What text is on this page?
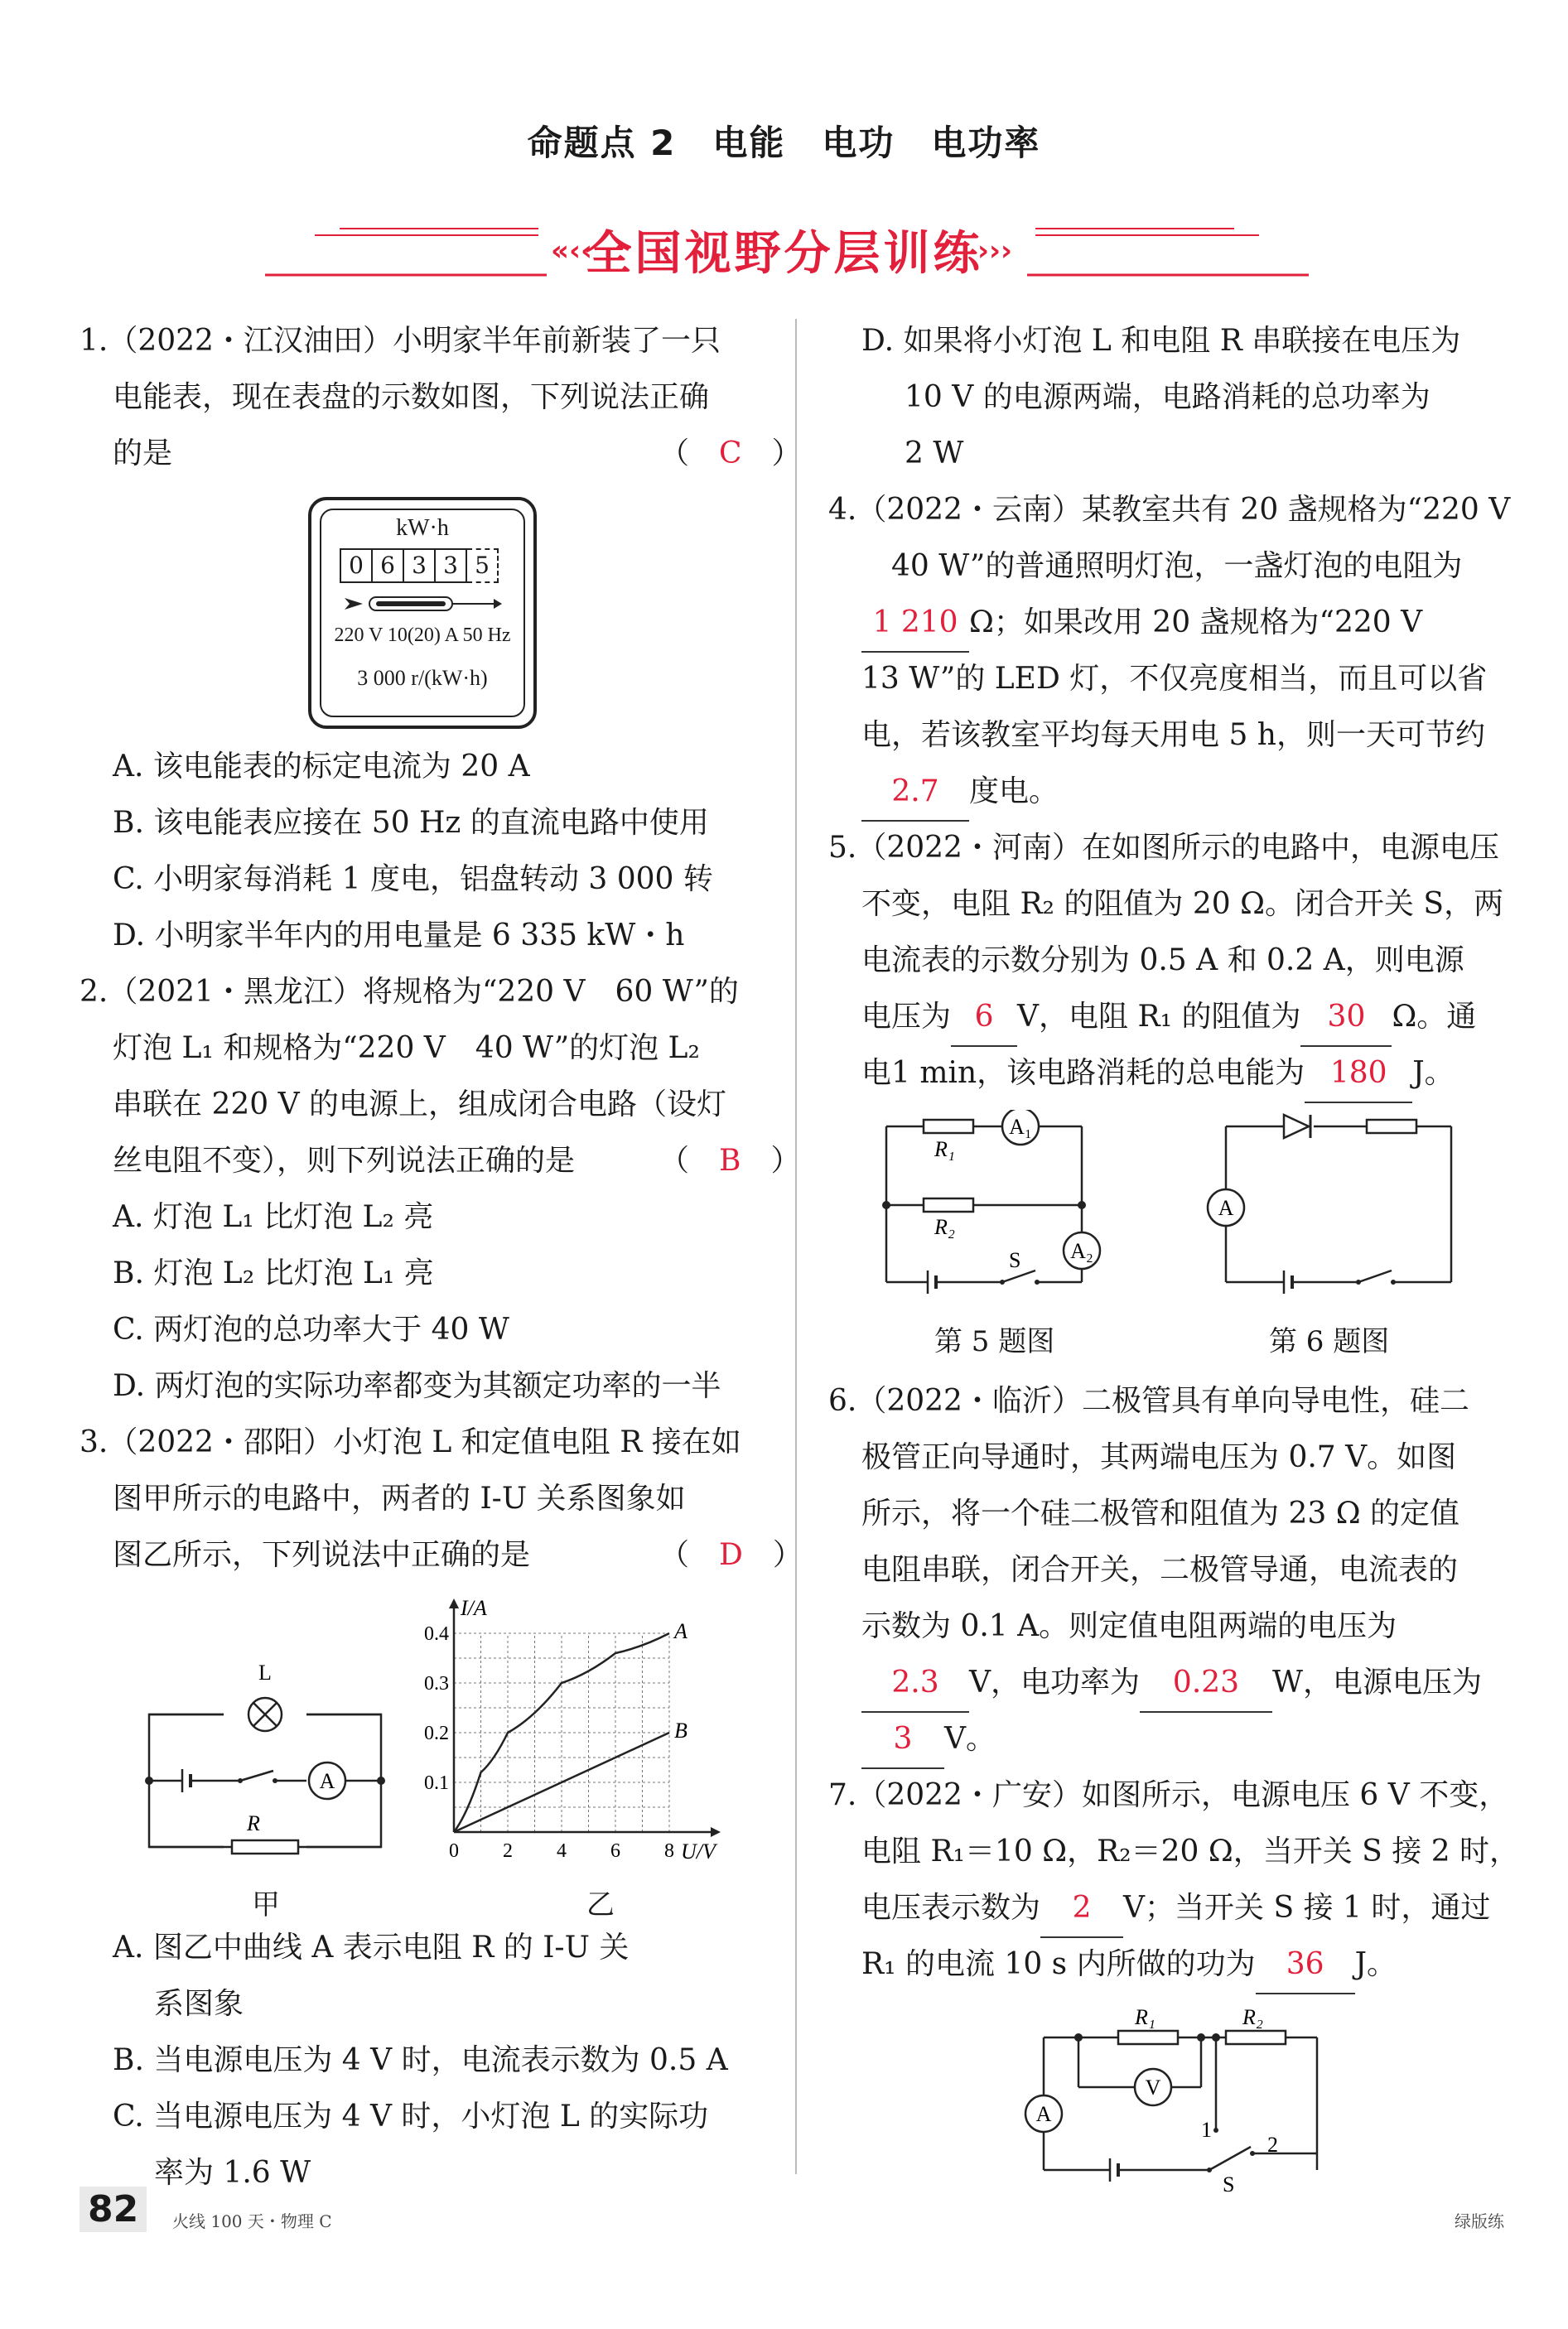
命题点 2　电能　电功　电功率
«‹‹	›››
全国视野分层训练
1.（2022・江汉油田）小明家半年前新装了一只
电能表，现在表盘的示数如图，下列说法正确
的是	（　C　）
kW·h
0 6 3 3 5
220 V 10(20) A 50 Hz
3 000 r/(kW·h)
A. 该电能表的标定电流为 20 A
B. 该电能表应接在 50 Hz 的直流电路中使用
C. 小明家每消耗 1 度电，铝盘转动 3 000 转
D. 小明家半年内的用电量是 6 335 kW・h
2.（2021・黑龙江）将规格为“220 V　60 W”的
灯泡 L₁ 和规格为“220 V　40 W”的灯泡 L₂
串联在 220 V 的电源上，组成闭合电路（设灯
丝电阻不变），则下列说法正确的是	（　B　）
A. 灯泡 L₁ 比灯泡 L₂ 亮
B. 灯泡 L₂ 比灯泡 L₁ 亮
C. 两灯泡的总功率大于 40 W
D. 两灯泡的实际功率都变为其额定功率的一半
3.（2022・邵阳）小灯泡 L 和定值电阻 R 接在如
图甲所示的电路中，两者的 I-U 关系图象如
图乙所示，下列说法中正确的是	（　D　）
L
A
R
甲
A
B
0 2 4 6 8
0.1
0.2
0.3
0.4
U/V
I/A
乙
A. 图乙中曲线 A 表示电阻 R 的 I-U 关
系图象
B. 当电源电压为 4 V 时，电流表示数为 0.5 A
C. 当电源电压为 4 V 时，小灯泡 L 的实际功
率为 1.6 W
D. 如果将小灯泡 L 和电阻 R 串联接在电压为
10 V 的电源两端，电路消耗的总功率为
2 W
4.（2022・云南）某教室共有 20 盏规格为“220 V
40 W”的普通照明灯泡，一盏灯泡的电阻为
1 210 Ω；如果改用 20 盏规格为“220 V
13 W”的 LED 灯，不仅亮度相当，而且可以省
电，若该教室平均每天用电 5 h，则一天可节约
2.7 度电。
5.（2022・河南）在如图所示的电路中，电源电压
不变，电阻 R₂ 的阻值为 20 Ω。闭合开关 S，两
电流表的示数分别为 0.5 A 和 0.2 A，则电源
电压为 6 V，电阻 R₁ 的阻值为 30 Ω。通
电1 min，该电路消耗的总电能为 180 J。
R₁
R₂
A₁
A₂
S
第 5 题图
A
第 6 题图
6.（2022・临沂）二极管具有单向导电性，硅二
极管正向导通时，其两端电压为 0.7 V。如图
所示，将一个硅二极管和阻值为 23 Ω 的定值
电阻串联，闭合开关，二极管导通，电流表的
示数为 0.1 A。则定值电阻两端的电压为
2.3 V，电功率为 0.23 W，电源电压为
3 V。
7.（2022・广安）如图所示，电源电压 6 V 不变，
电阻 R₁＝10 Ω，R₂＝20 Ω，当开关 S 接 2 时，
电压表示数为 2 V；当开关 S 接 1 时，通过
R₁ 的电流 10 s 内所做的功为 36 J。
R₁	R₂
V
A
1
2
S
82	火线 100 天・物理 C	绿版练
